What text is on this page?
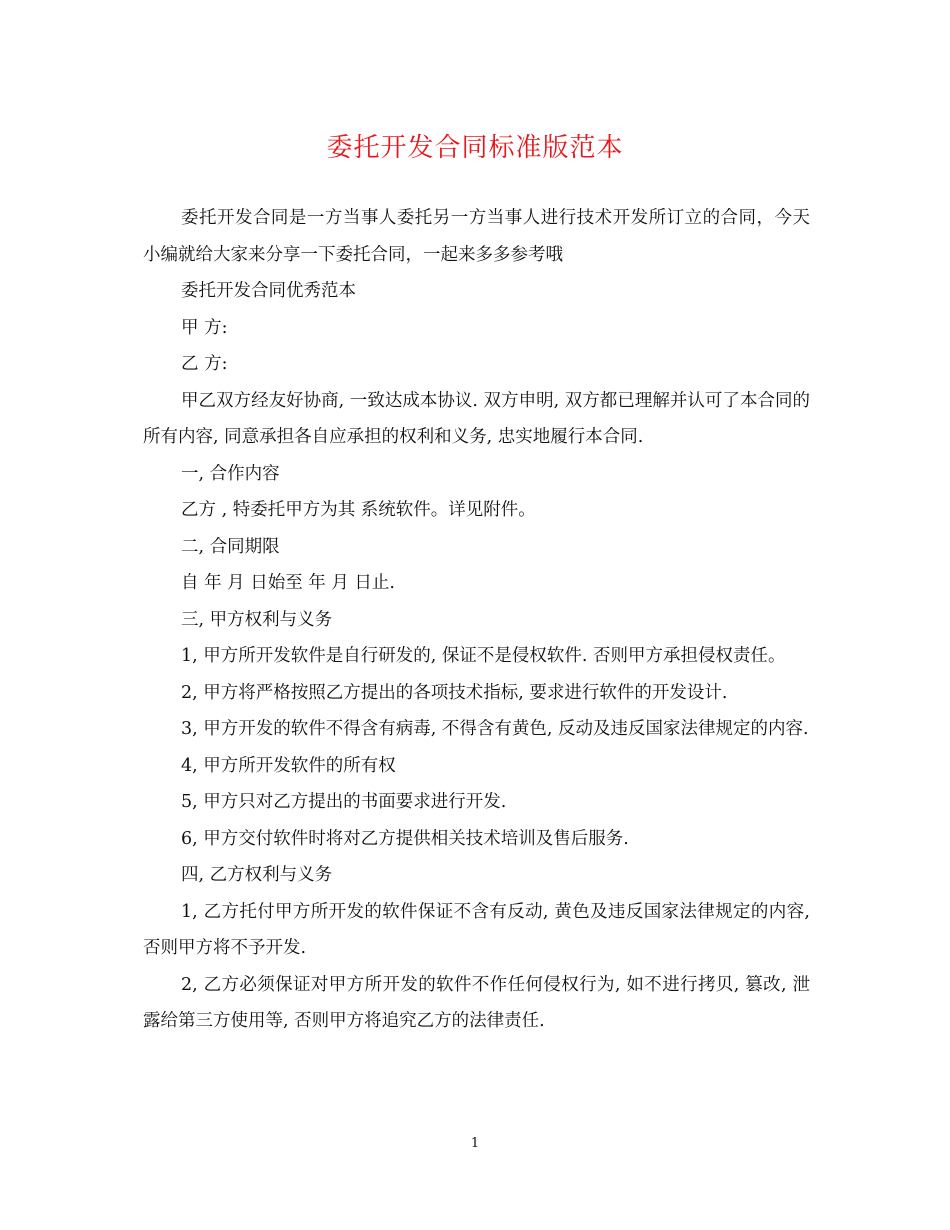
委托开发合同标准版范本

委托开发合同是一方当事人委托另一方当事人进行技术开发所订立的合同，今天小编就给大家来分享一下委托合同，一起来多多参考哦

委托开发合同优秀范本

甲 方:

乙 方:

甲乙双方经友好协商, 一致达成本协议. 双方申明, 双方都已理解并认可了本合同的所有内容, 同意承担各自应承担的权利和义务, 忠实地履行本合同.

一, 合作内容

乙方 , 特委托甲方为其 系统软件。详见附件。

二, 合同期限

自 年 月 日始至 年 月 日止.

三, 甲方权利与义务

1, 甲方所开发软件是自行研发的, 保证不是侵权软件. 否则甲方承担侵权责任。

2, 甲方将严格按照乙方提出的各项技术指标, 要求进行软件的开发设计.

3, 甲方开发的软件不得含有病毒, 不得含有黄色, 反动及违反国家法律规定的内容.

4, 甲方所开发软件的所有权

5, 甲方只对乙方提出的书面要求进行开发.

6, 甲方交付软件时将对乙方提供相关技术培训及售后服务.

四, 乙方权利与义务

1, 乙方托付甲方所开发的软件保证不含有反动, 黄色及违反国家法律规定的内容, 否则甲方将不予开发.

2, 乙方必须保证对甲方所开发的软件不作任何侵权行为, 如不进行拷贝, 篡改, 泄露给第三方使用等, 否则甲方将追究乙方的法律责任.

1
